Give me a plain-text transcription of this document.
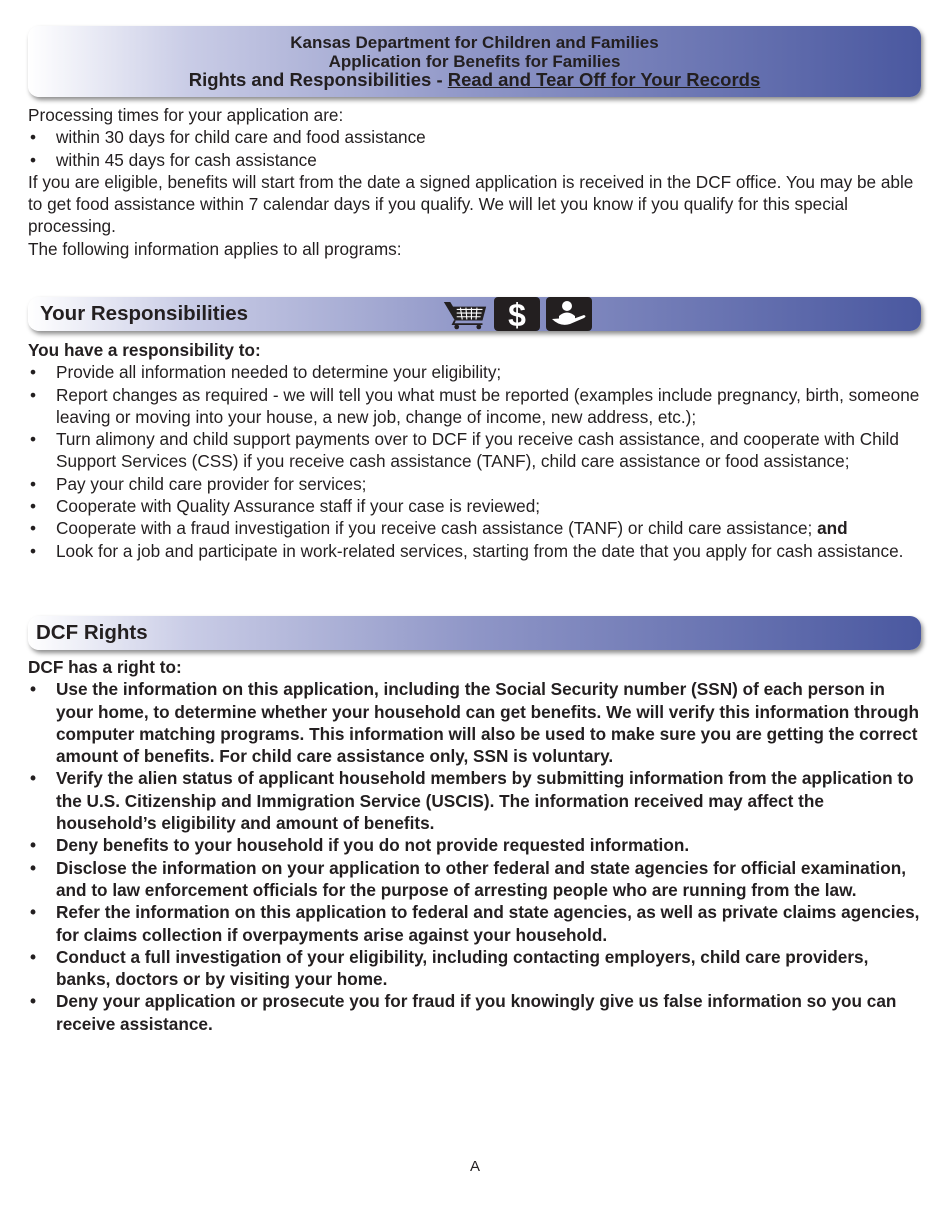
Kansas Department for Children and Families
Application for Benefits for Families
Rights and Responsibilities - Read and Tear Off for Your Records

Processing times for your application are:

• within 30 days for child care and food assistance
• within 45 days for cash assistance

If you are eligible, benefits will start from the date a signed application is received in the DCF office. You may be able to get food assistance within 7 calendar days if you qualify. We will let you know if you qualify for this special processing.

The following information applies to all programs:

Your Responsibilities	$

You have a responsibility to:

• Provide all information needed to determine your eligibility;
• Report changes as required - we will tell you what must be reported (examples include pregnancy, birth, someone leaving or moving into your house, a new job, change of income, new address, etc.);
• Turn alimony and child support payments over to DCF if you receive cash assistance, and cooperate with Child Support Services (CSS) if you receive cash assistance (TANF), child care assistance or food assistance;
• Pay your child care provider for services;
• Cooperate with Quality Assurance staff if your case is reviewed;
• Cooperate with a fraud investigation if you receive cash assistance (TANF) or child care assistance; and
• Look for a job and participate in work-related services, starting from the date that you apply for cash assistance.
DCF Rights

DCF has a right to:

• Use the information on this application, including the Social Security number (SSN) of each person in your home, to determine whether your household can get benefits. We will verify this information through computer matching programs. This information will also be used to make sure you are getting the correct amount of benefits. For child care assistance only, SSN is voluntary.
• Verify the alien status of applicant household members by submitting information from the application to the U.S. Citizenship and Immigration Service (USCIS). The information received may affect the household’s eligibility and amount of benefits.
• Deny benefits to your household if you do not provide requested information.
• Disclose the information on your application to other federal and state agencies for official examination, and to law enforcement officials for the purpose of arresting people who are running from the law.
• Refer the information on this application to federal and state agencies, as well as private claims agencies, for claims collection if overpayments arise against your household.
• Conduct a full investigation of your eligibility, including contacting employers, child care providers, banks, doctors or by visiting your home.
• Deny your application or prosecute you for fraud if you knowingly give us false information so you can receive assistance.
A
